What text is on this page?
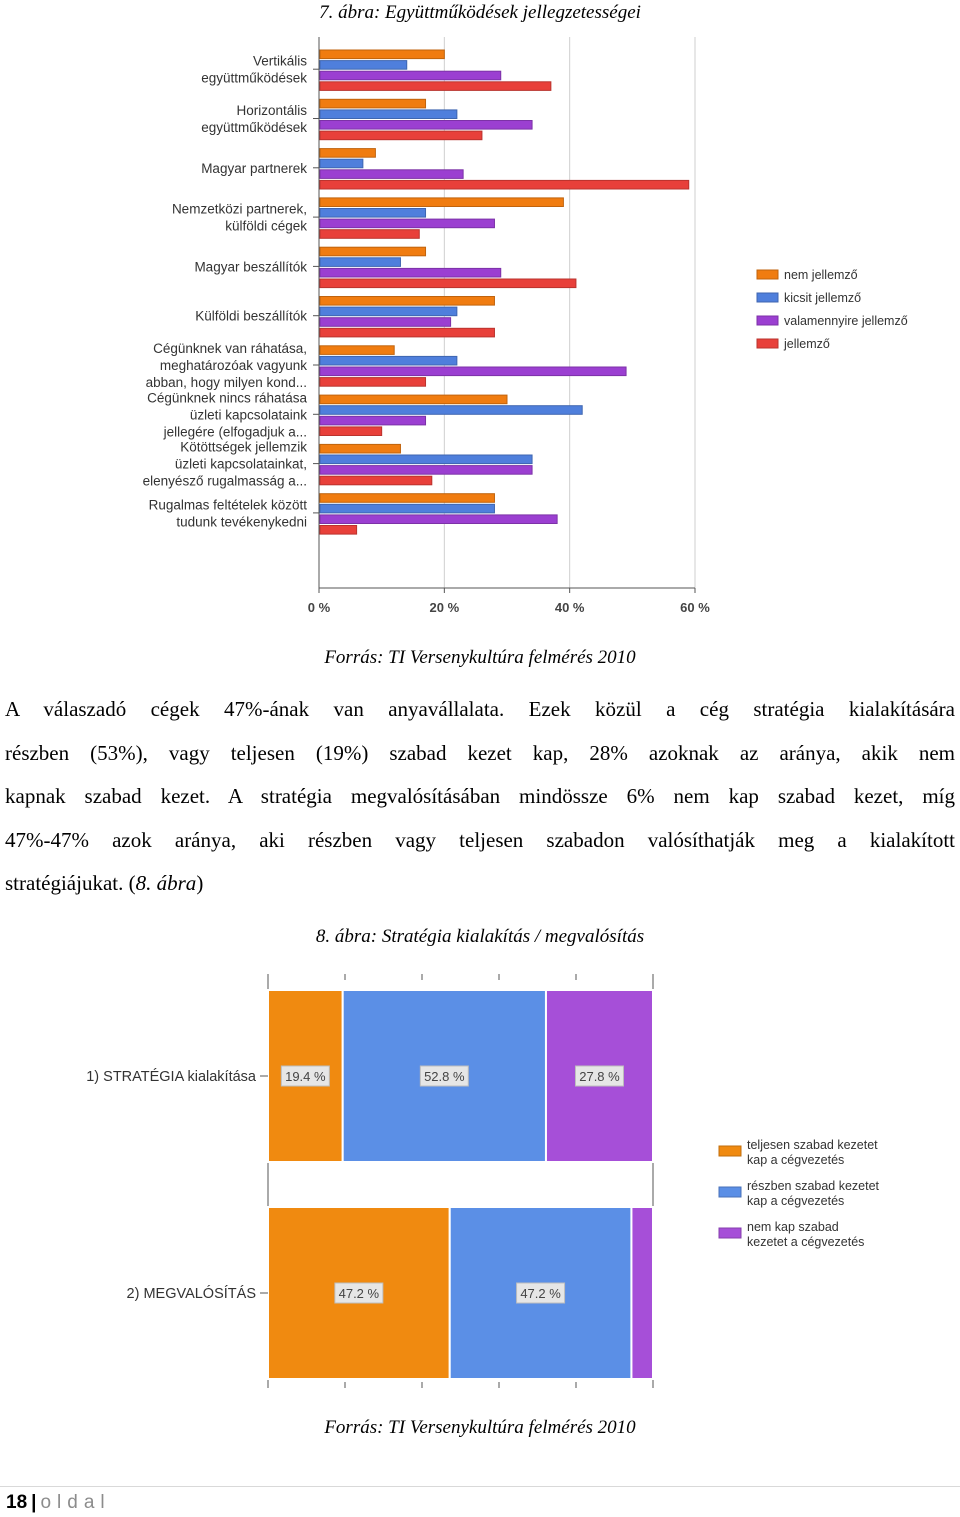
7. ábra: Együttműködések jellegzetességei
0 %	20 %	40 %	60 %
Vertikális
együttműködések
Horizontális
együttműködések
Magyar partnerek
Nemzetközi partnerek,
külföldi cégek
Magyar beszállítók
Külföldi beszállítók
Cégünknek van ráhatása,
meghatározóak vagyunk
abban, hogy milyen kond...
Cégünknek nincs ráhatása
üzleti kapcsolataink
jellegére (elfogadjuk a...
Kötöttségek jellemzik
üzleti kapcsolatainkat,
elenyésző rugalmasság a...
Rugalmas feltételek között
tudunk tevékenykedni
nem jellemző
kicsit jellemző
valamennyire jellemző
jellemző
Forrás: TI Versenykultúra felmérés 2010
A válaszadó cégek 47%-ának van anyavállalata. Ezek közül a cég stratégia kialakítására
részben (53%), vagy teljesen (19%) szabad kezet kap, 28% azoknak az aránya, akik nem
kapnak szabad kezet. A stratégia megvalósításában mindössze 6% nem kap szabad kezet, míg
47%-47% azok aránya, aki részben vagy teljesen szabadon valósíthatják meg a kialakított
stratégiájukat. (8. ábra)
8. ábra: Stratégia kialakítás / megvalósítás
19.4 %	52.8 %	27.8 %
1) STRATÉGIA kialakítása
47.2 %	47.2 %
2) MEGVALÓSÍTÁS
teljesen szabad kezetet
kap a cégvezetés
részben szabad kezetet
kap a cégvezetés
nem kap szabad
kezetet a cégvezetés
Forrás: TI Versenykultúra felmérés 2010
18 | oldal
